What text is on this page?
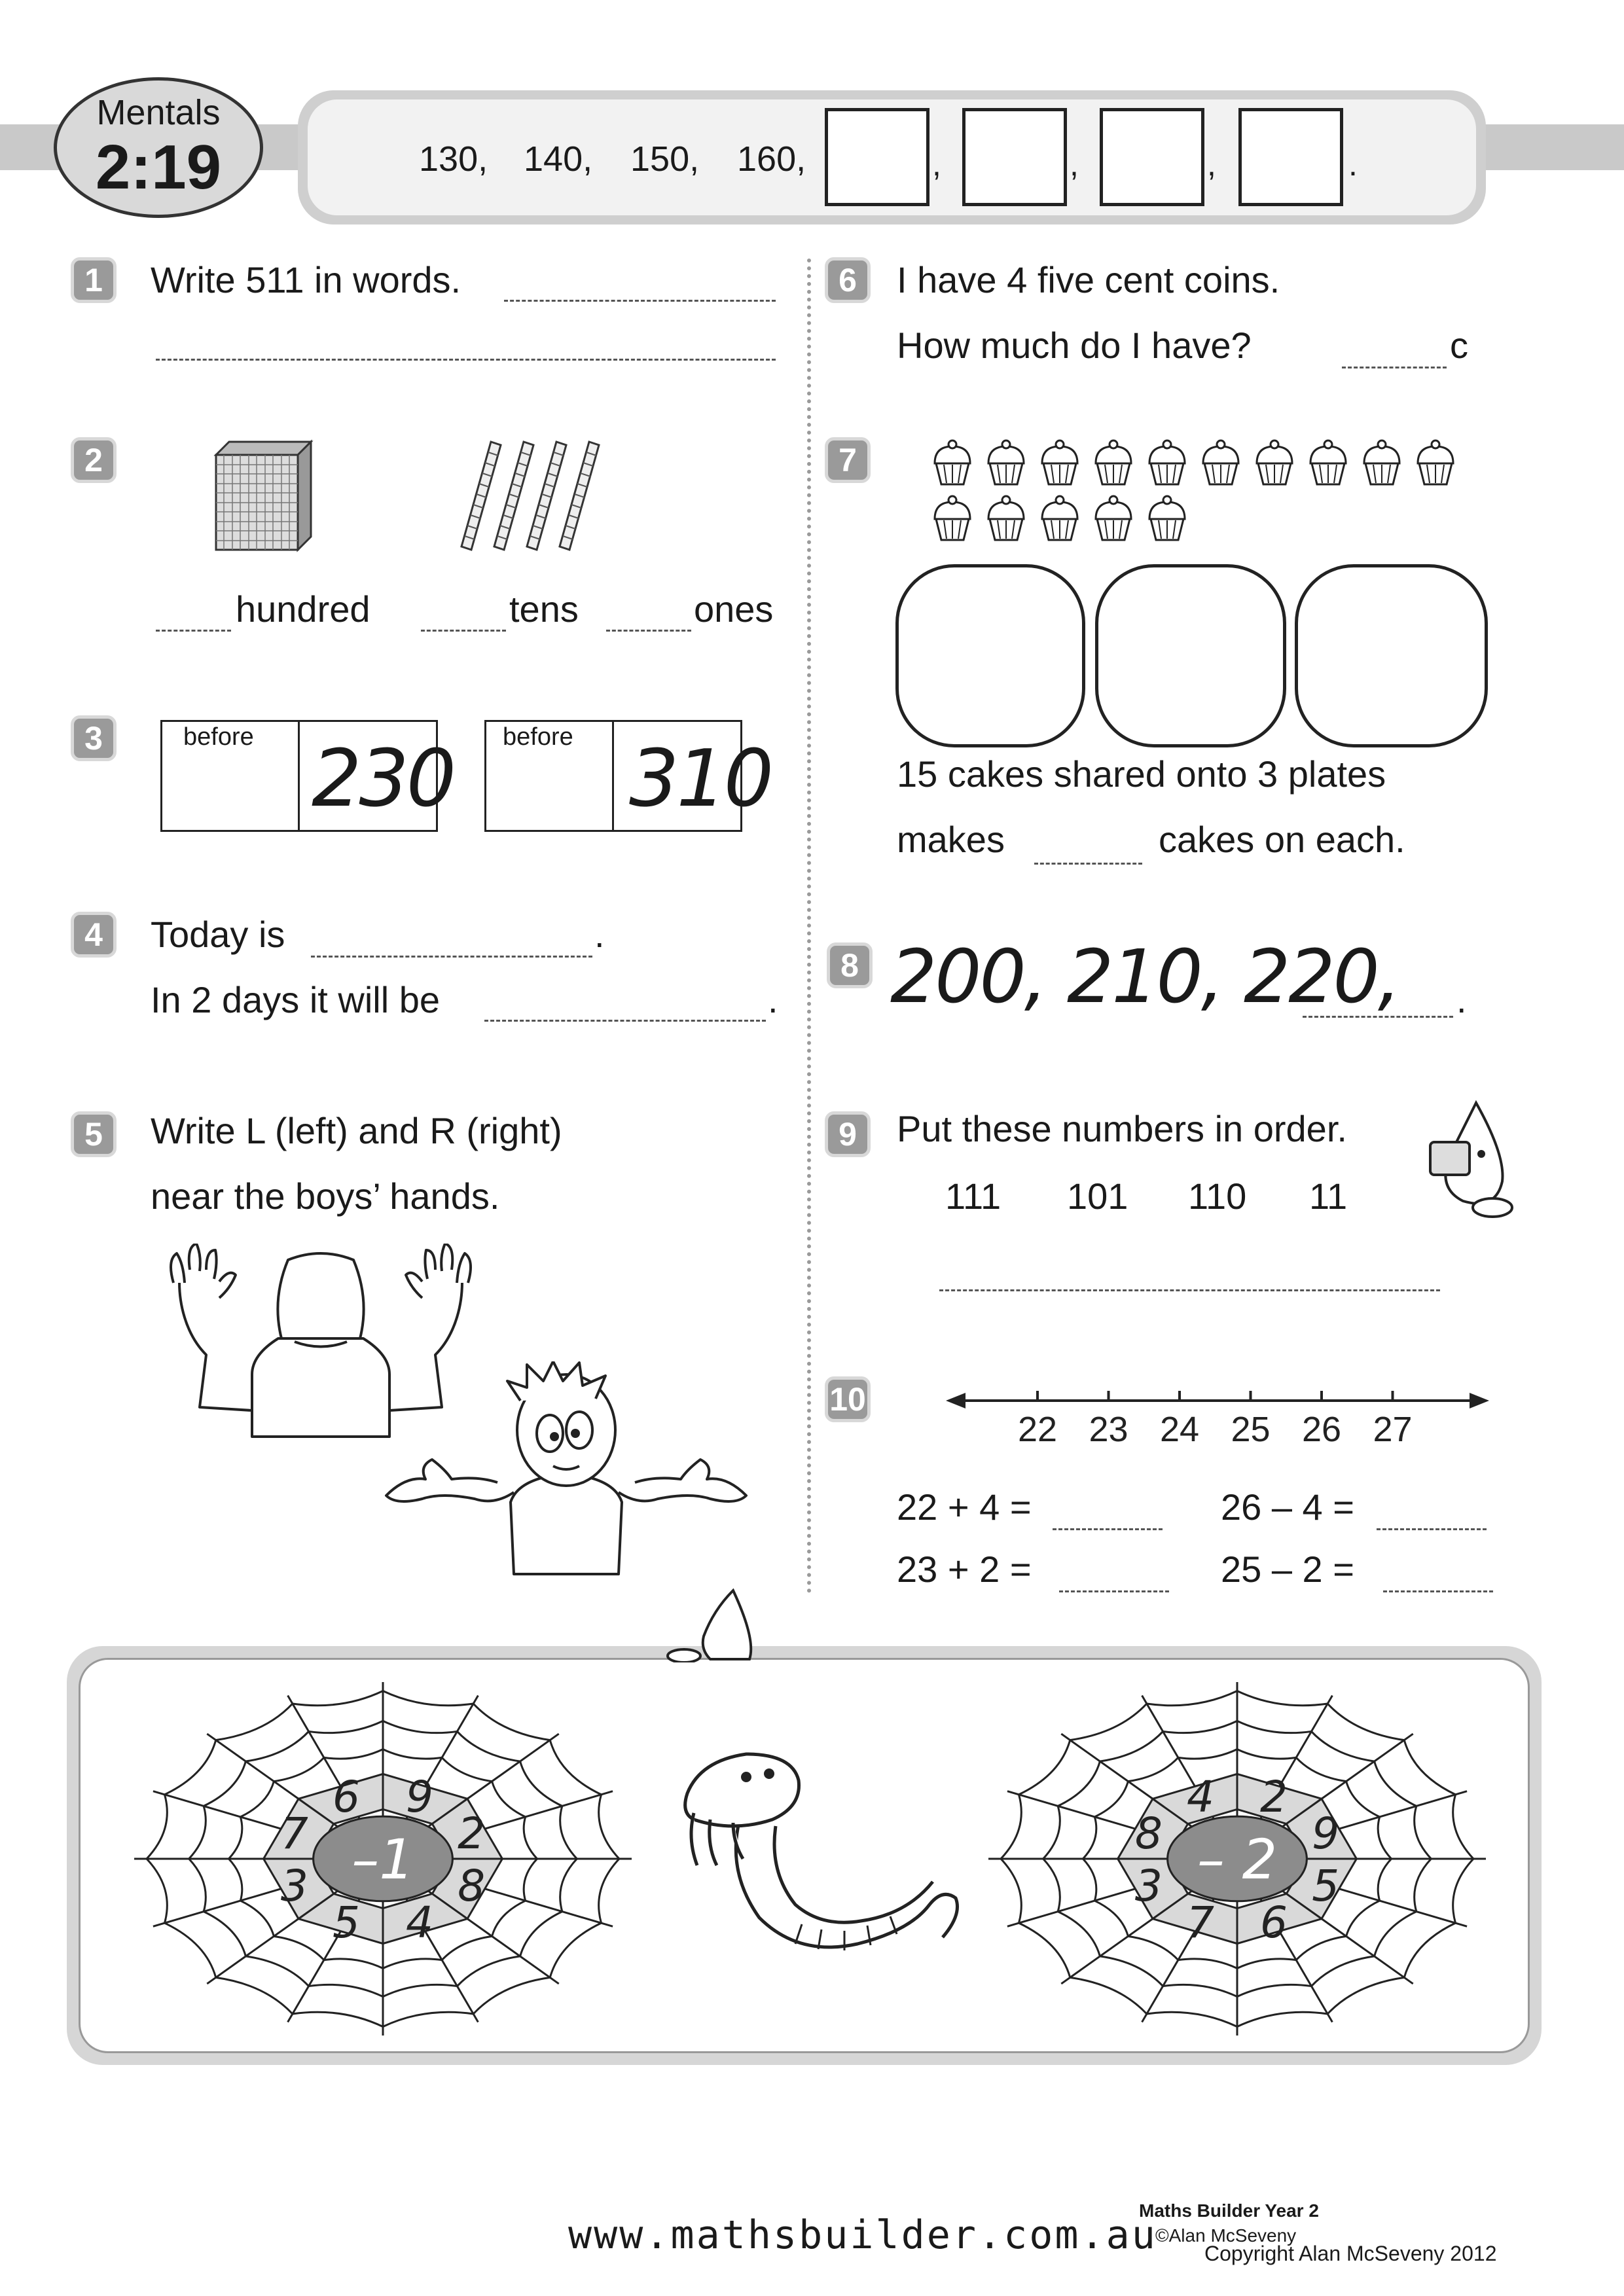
Mentals
2:19	130, 140, 150, 160,	,	,	,	.
1	Write 511 in words.
2
hundred	tens	ones
3	before 230 before 310
4	Today is	.
In 2 days it will be	.
5	Write L (left) and R (right)
near the boys’ hands.
6	I have 4 five cent coins.
How much do I have?	c
7
15 cakes shared onto 3 plates
makes	cakes on each.
8 200, 210, 220, .
9	Put these numbers in order.
111 101 110 11
10
22 23 24 25 26 27
22 + 4 =	26 – 4 =
23 + 2 =	25 – 2 =
6 9
2
8
4
5
3
7 –1
4 2
9
5
6
7
3
8 – 2
www.mathsbuilder.com.au
Maths Builder Year 2
©Alan McSeveny
Copyright Alan McSeveny 2012
